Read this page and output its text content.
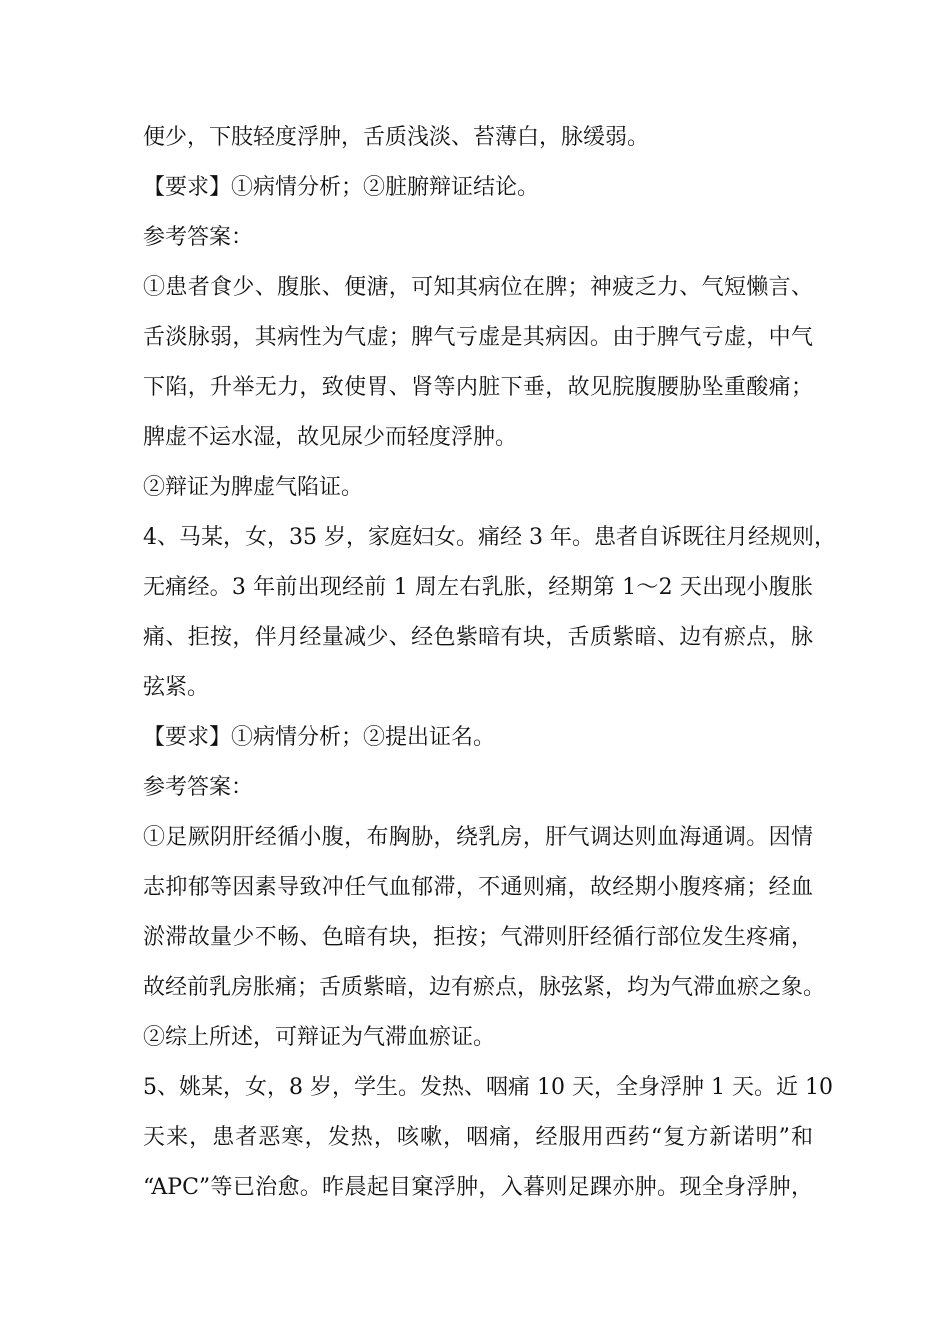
便少，下肢轻度浮肿，舌质浅淡、苔薄白，脉缓弱。
【要求】①病情分析；②脏腑辩证结论。
参考答案：
①患者食少、腹胀、便溏，可知其病位在脾；神疲乏力、气短懒言、
舌淡脉弱，其病性为气虚；脾气亏虚是其病因。由于脾气亏虚，中气
下陷，升举无力，致使胃、肾等内脏下垂，故见脘腹腰胁坠重酸痛；
脾虚不运水湿，故见尿少而轻度浮肿。
②辩证为脾虚气陷证。
4、马某，女，35 岁，家庭妇女。痛经 3 年。患者自诉既往月经规则，
无痛经。3 年前出现经前 1 周左右乳胀，经期第 1～2 天出现小腹胀
痛、拒按，伴月经量减少、经色紫暗有块，舌质紫暗、边有瘀点，脉
弦紧。
【要求】①病情分析；②提出证名。
参考答案：
①足厥阴肝经循小腹，布胸胁，绕乳房，肝气调达则血海通调。因情
志抑郁等因素导致冲任气血郁滞，不通则痛，故经期小腹疼痛；经血
淤滞故量少不畅、色暗有块，拒按；气滞则肝经循行部位发生疼痛，
故经前乳房胀痛；舌质紫暗，边有瘀点，脉弦紧，均为气滞血瘀之象。
②综上所述，可辩证为气滞血瘀证。
5、姚某，女，8 岁，学生。发热、咽痛 10 天，全身浮肿 1 天。近 10
天来，患者恶寒，发热，咳嗽，咽痛，经服用西药“复方新诺明”和
“APC”等已治愈。昨晨起目窠浮肿，入暮则足踝亦肿。现全身浮肿，
